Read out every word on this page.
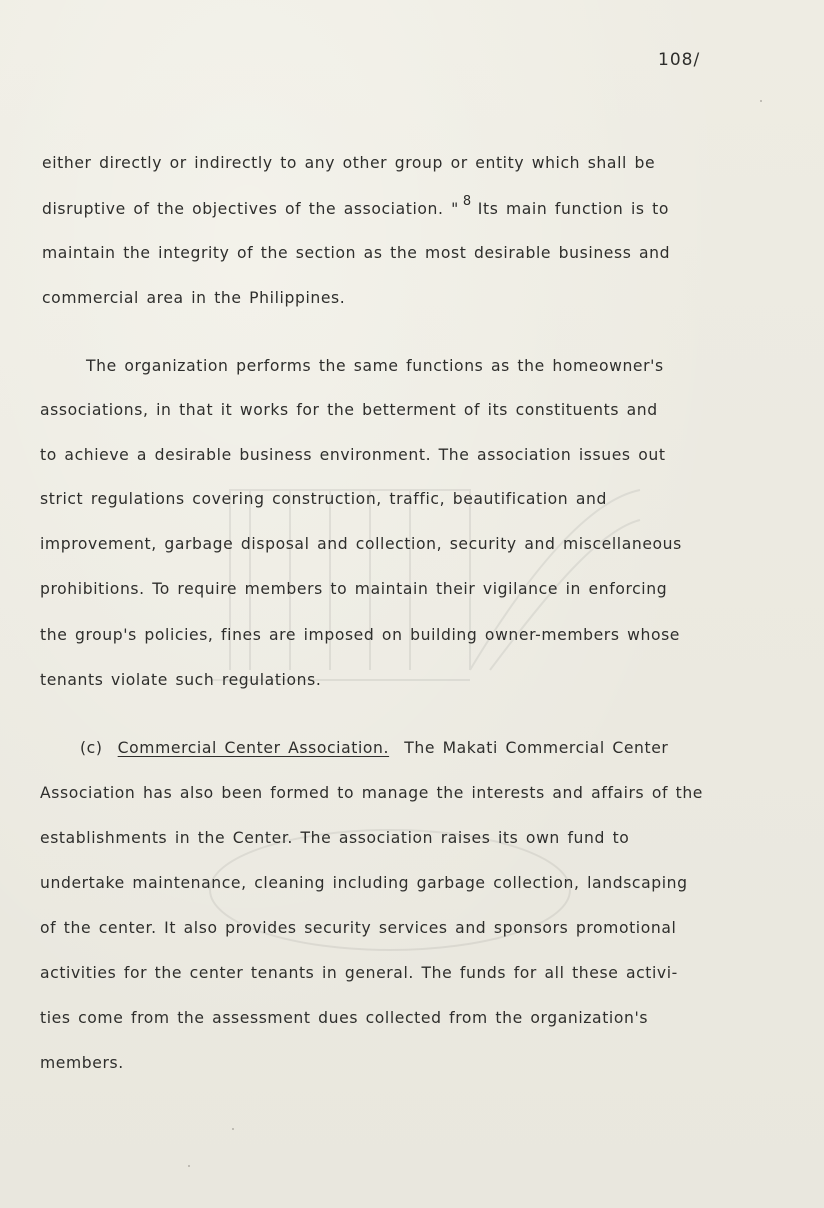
108/
either directly or indirectly to any other group or entity which shall be
disruptive of the objectives of the association. " $^8$ Its main function is to
maintain the integrity of the section as the most desirable business and
commercial area in the Philippines.
The organization performs the same functions as the homeowner's
associations, in that it works for the betterment of its constituents and
to achieve a desirable business environment. The association issues out
strict regulations covering construction, traffic, beautification and
improvement, garbage disposal and collection, security and miscellaneous
prohibitions. To require members to maintain their vigilance in enforcing
the group's policies, fines are imposed on building owner-members whose
tenants violate such regulations.
(c) Commercial Center Association. The Makati Commercial Center
Association has also been formed to manage the interests and affairs of the
establishments in the Center. The association raises its own fund to
undertake maintenance, cleaning including garbage collection, landscaping
of the center. It also provides security services and sponsors promotional
activities for the center tenants in general. The funds for all these activi-
ties come from the assessment dues collected from the organization's
members.
